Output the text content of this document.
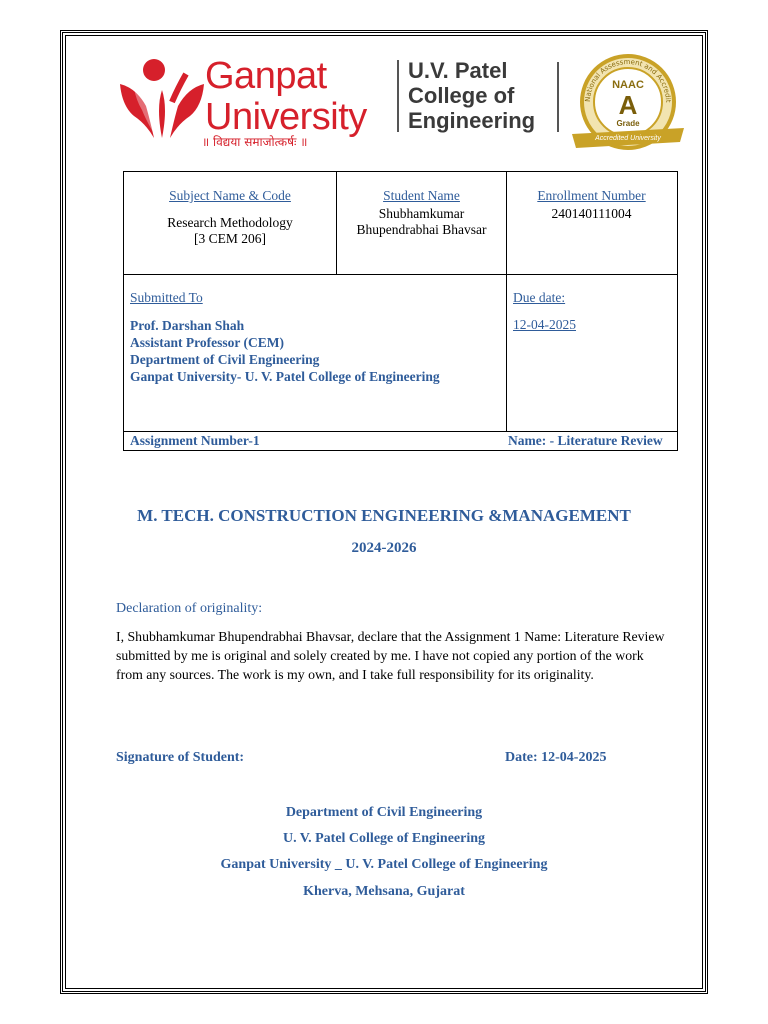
Ganpat
University
॥ विद्यया समाजोत्कर्षः ॥
U.V. Patel
College of
Engineering
National Assessment and Accredit
NAAC
A
Grade
Accredited University
Subject Name & Code
Research Methodology
[3 CEM 206]
Student Name
Shubhamkumar
Bhupendrabhai Bhavsar
Enrollment Number
240140111004
Submitted To
Prof. Darshan Shah
Assistant Professor (CEM)
Department of Civil Engineering
Ganpat University- U. V. Patel College of Engineering
Due date:
12-04-2025
Assignment Number-1	Name: - Literature Review
M. TECH. CONSTRUCTION ENGINEERING &MANAGEMENT
2024-2026
Declaration of originality:
I, Shubhamkumar Bhupendrabhai Bhavsar, declare that the Assignment 1 Name: Literature Review
submitted by me is original and solely created by me. I have not copied any portion of the work
from any sources. The work is my own, and I take full responsibility for its originality.
Signature of Student:	Date: 12-04-2025
Department of Civil Engineering
U. V. Patel College of Engineering
Ganpat University _ U. V. Patel College of Engineering
Kherva, Mehsana, Gujarat
